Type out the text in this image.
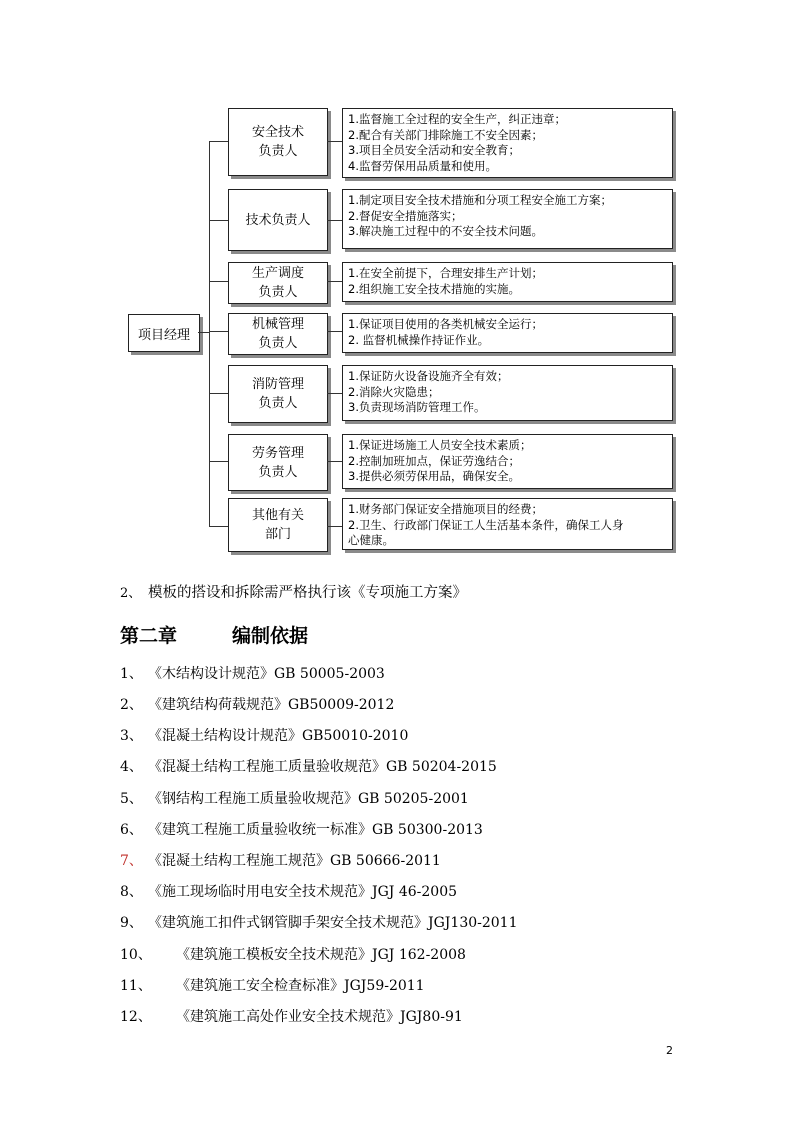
项目经理
安全技术
负责人
1.监督施工全过程的安全生产，纠正违章；
2.配合有关部门排除施工不安全因素；
3.项目全员安全活动和安全教育；
4.监督劳保用品质量和使用。
技术负责人
1.制定项目安全技术措施和分项工程安全施工方案；
2.督促安全措施落实；
3.解决施工过程中的不安全技术问题。
生产调度
负责人
1.在安全前提下，合理安排生产计划；
2.组织施工安全技术措施的实施。
机械管理
负责人
1.保证项目使用的各类机械安全运行；
2. 监督机械操作持证作业。
消防管理
负责人
1.保证防火设备设施齐全有效；
2.消除火灾隐患；
3.负责现场消防管理工作。
劳务管理
负责人
1.保证进场施工人员安全技术素质；
2.控制加班加点，保证劳逸结合；
3.提供必须劳保用品，确保安全。
其他有关
部门
1.财务部门保证安全措施项目的经费；
2.卫生、行政部门保证工人生活基本条件，确保工人身
心健康。
2、 模板的搭设和拆除需严格执行该《专项施工方案》
第二章	编制依据
1、 《木结构设计规范》GB 50005-2003
2、 《建筑结构荷载规范》GB50009-2012
3、 《混凝土结构设计规范》GB50010-2010
4、 《混凝土结构工程施工质量验收规范》GB 50204-2015
5、 《钢结构工程施工质量验收规范》GB 50205-2001
6、 《建筑工程施工质量验收统一标准》GB 50300-2013
7、 《混凝土结构工程施工规范》GB 50666-2011
8、 《施工现场临时用电安全技术规范》JGJ 46-2005
9、 《建筑施工扣件式钢管脚手架安全技术规范》JGJ130-2011
10、 《建筑施工模板安全技术规范》JGJ 162-2008
11、 《建筑施工安全检查标准》JGJ59-2011
12、 《建筑施工高处作业安全技术规范》JGJ80-91
2
